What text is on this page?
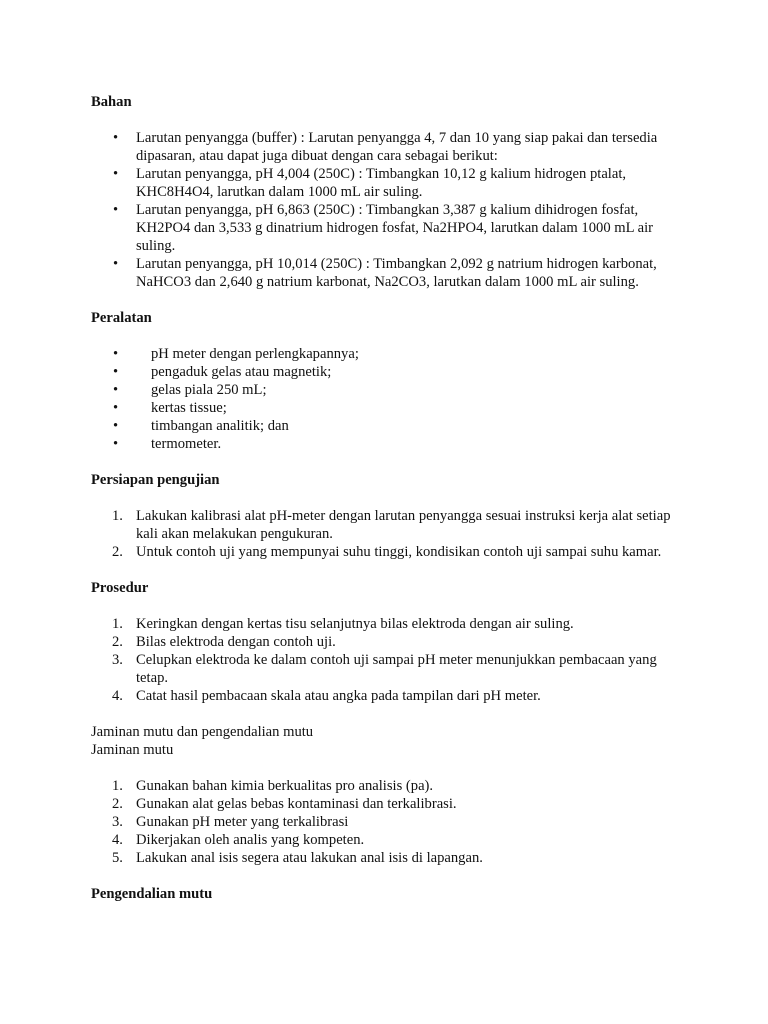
Bahan
• Larutan penyangga (buffer) : Larutan penyangga 4, 7 dan 10 yang siap pakai dan tersedia dipasaran, atau dapat juga dibuat dengan cara sebagai berikut:
• Larutan penyangga, pH 4,004 (250C) : Timbangkan 10,12 g kalium hidrogen ptalat, KHC8H4O4, larutkan dalam 1000 mL air suling.
• Larutan penyangga, pH 6,863 (250C) : Timbangkan 3,387 g kalium dihidrogen fosfat, KH2PO4 dan 3,533 g dinatrium hidrogen fosfat, Na2HPO4, larutkan dalam 1000 mL air suling.
• Larutan penyangga, pH 10,014 (250C) : Timbangkan 2,092 g natrium hidrogen karbonat, NaHCO3 dan 2,640 g natrium karbonat, Na2CO3, larutkan dalam 1000 mL air suling.
Peralatan
• pH meter dengan perlengkapannya;
• pengaduk gelas atau magnetik;
• gelas piala 250 mL;
• kertas tissue;
• timbangan analitik; dan
• termometer.
Persiapan pengujian
1. Lakukan kalibrasi alat pH-meter dengan larutan penyangga sesuai instruksi kerja alat setiap kali akan melakukan pengukuran.
2. Untuk contoh uji yang mempunyai suhu tinggi, kondisikan contoh uji sampai suhu kamar.
Prosedur
1. Keringkan dengan kertas tisu selanjutnya bilas elektroda dengan air suling.
2. Bilas elektroda dengan contoh uji.
3. Celupkan elektroda ke dalam contoh uji sampai pH meter menunjukkan pembacaan yang tetap.
4. Catat hasil pembacaan skala atau angka pada tampilan dari pH meter.

Jaminan mutu dan pengendalian mutu

Jaminan mutu

1. Gunakan bahan kimia berkualitas pro analisis (pa).
2. Gunakan alat gelas bebas kontaminasi dan terkalibrasi.
3. Gunakan pH meter yang terkalibrasi
4. Dikerjakan oleh analis yang kompeten.
5. Lakukan anal isis segera atau lakukan anal isis di lapangan.
Pengendalian mutu
